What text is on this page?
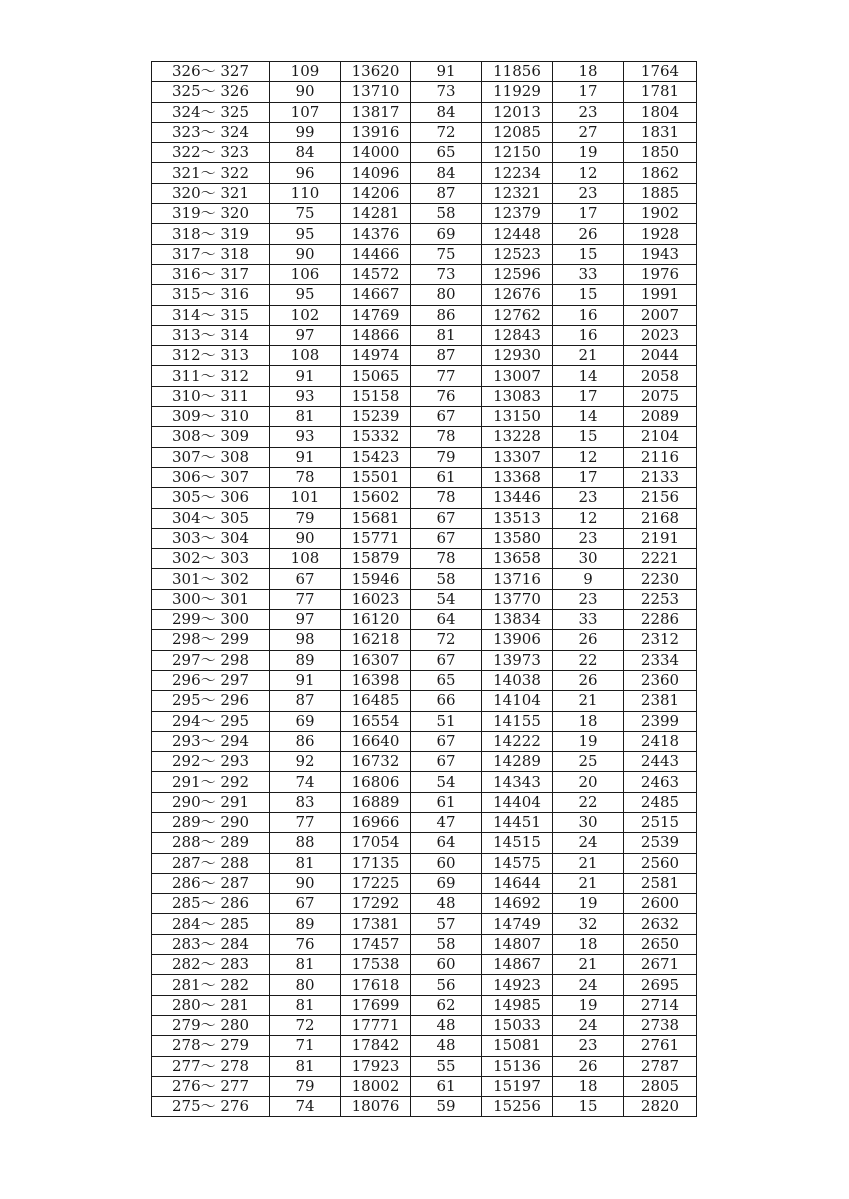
326～ 327	109	13620	91	11856	18	1764
325～ 326	90	13710	73	11929	17	1781
324～ 325	107	13817	84	12013	23	1804
323～ 324	99	13916	72	12085	27	1831
322～ 323	84	14000	65	12150	19	1850
321～ 322	96	14096	84	12234	12	1862
320～ 321	110	14206	87	12321	23	1885
319～ 320	75	14281	58	12379	17	1902
318～ 319	95	14376	69	12448	26	1928
317～ 318	90	14466	75	12523	15	1943
316～ 317	106	14572	73	12596	33	1976
315～ 316	95	14667	80	12676	15	1991
314～ 315	102	14769	86	12762	16	2007
313～ 314	97	14866	81	12843	16	2023
312～ 313	108	14974	87	12930	21	2044
311～ 312	91	15065	77	13007	14	2058
310～ 311	93	15158	76	13083	17	2075
309～ 310	81	15239	67	13150	14	2089
308～ 309	93	15332	78	13228	15	2104
307～ 308	91	15423	79	13307	12	2116
306～ 307	78	15501	61	13368	17	2133
305～ 306	101	15602	78	13446	23	2156
304～ 305	79	15681	67	13513	12	2168
303～ 304	90	15771	67	13580	23	2191
302～ 303	108	15879	78	13658	30	2221
301～ 302	67	15946	58	13716	9	2230
300～ 301	77	16023	54	13770	23	2253
299～ 300	97	16120	64	13834	33	2286
298～ 299	98	16218	72	13906	26	2312
297～ 298	89	16307	67	13973	22	2334
296～ 297	91	16398	65	14038	26	2360
295～ 296	87	16485	66	14104	21	2381
294～ 295	69	16554	51	14155	18	2399
293～ 294	86	16640	67	14222	19	2418
292～ 293	92	16732	67	14289	25	2443
291～ 292	74	16806	54	14343	20	2463
290～ 291	83	16889	61	14404	22	2485
289～ 290	77	16966	47	14451	30	2515
288～ 289	88	17054	64	14515	24	2539
287～ 288	81	17135	60	14575	21	2560
286～ 287	90	17225	69	14644	21	2581
285～ 286	67	17292	48	14692	19	2600
284～ 285	89	17381	57	14749	32	2632
283～ 284	76	17457	58	14807	18	2650
282～ 283	81	17538	60	14867	21	2671
281～ 282	80	17618	56	14923	24	2695
280～ 281	81	17699	62	14985	19	2714
279～ 280	72	17771	48	15033	24	2738
278～ 279	71	17842	48	15081	23	2761
277～ 278	81	17923	55	15136	26	2787
276～ 277	79	18002	61	15197	18	2805
275～ 276	74	18076	59	15256	15	2820
